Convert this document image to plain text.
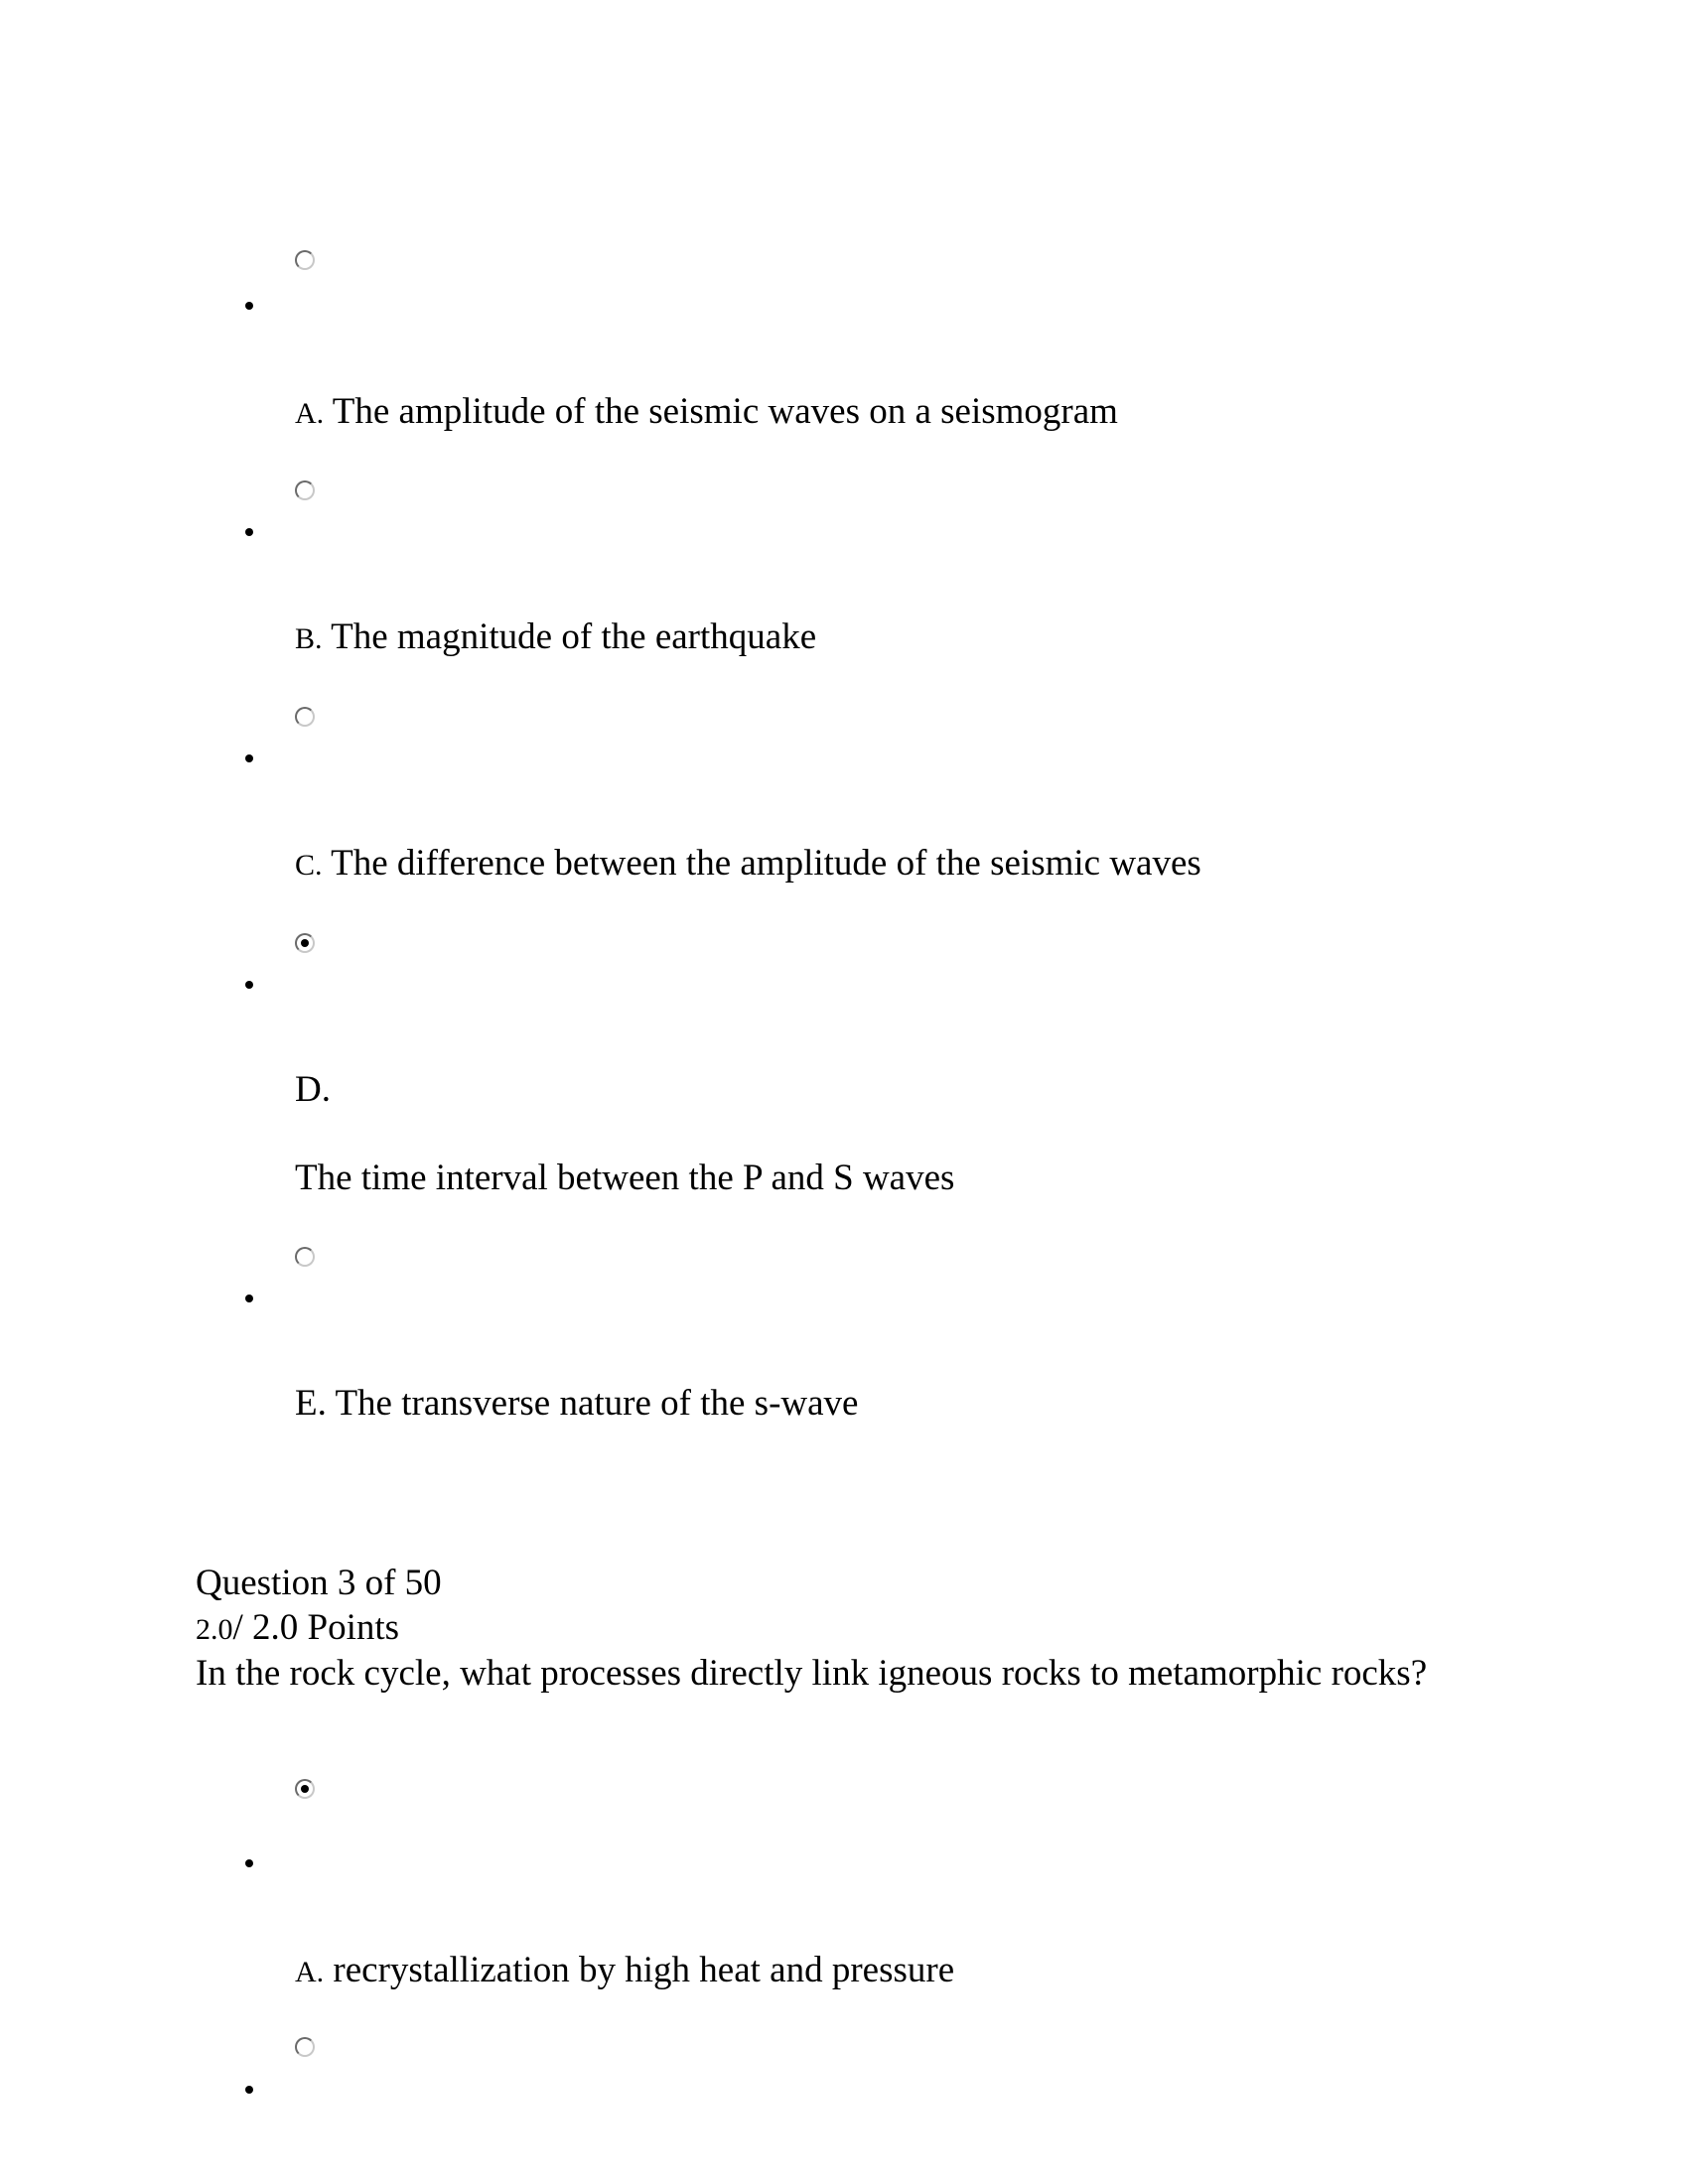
A. The amplitude of the seismic waves on a seismogram
B. The magnitude of the earthquake
C. The difference between the amplitude of the seismic waves
D.
The time interval between the P and S waves
E. The transverse nature of the s-wave
Question 3 of 50
2.0/ 2.0 Points
In the rock cycle, what processes directly link igneous rocks to metamorphic rocks?
A. recrystallization by high heat and pressure
